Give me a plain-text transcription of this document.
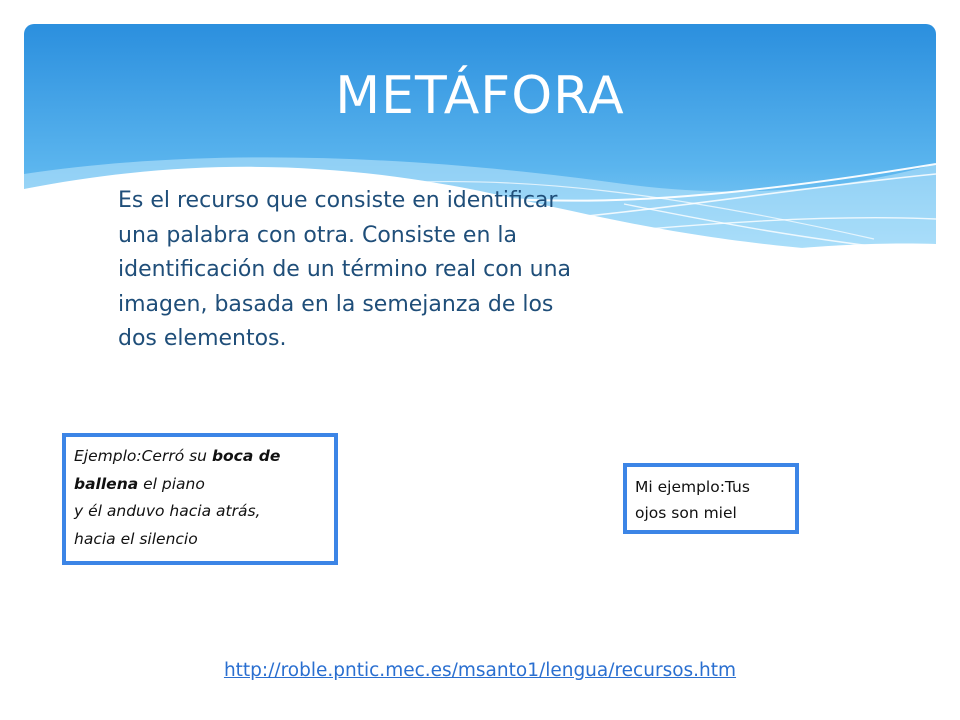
METÁFORA

Es el recurso que consiste en identificar una palabra con otra. Consiste en la identificación de un término real con una imagen, basada en la semejanza de los dos elementos.

Ejemplo:Cerró su boca de ballena el piano
y él anduvo hacia atrás,
hacia el silencio
Mi ejemplo:Tus
ojos son miel
http://roble.pntic.mec.es/msanto1/lengua/recursos.htm
